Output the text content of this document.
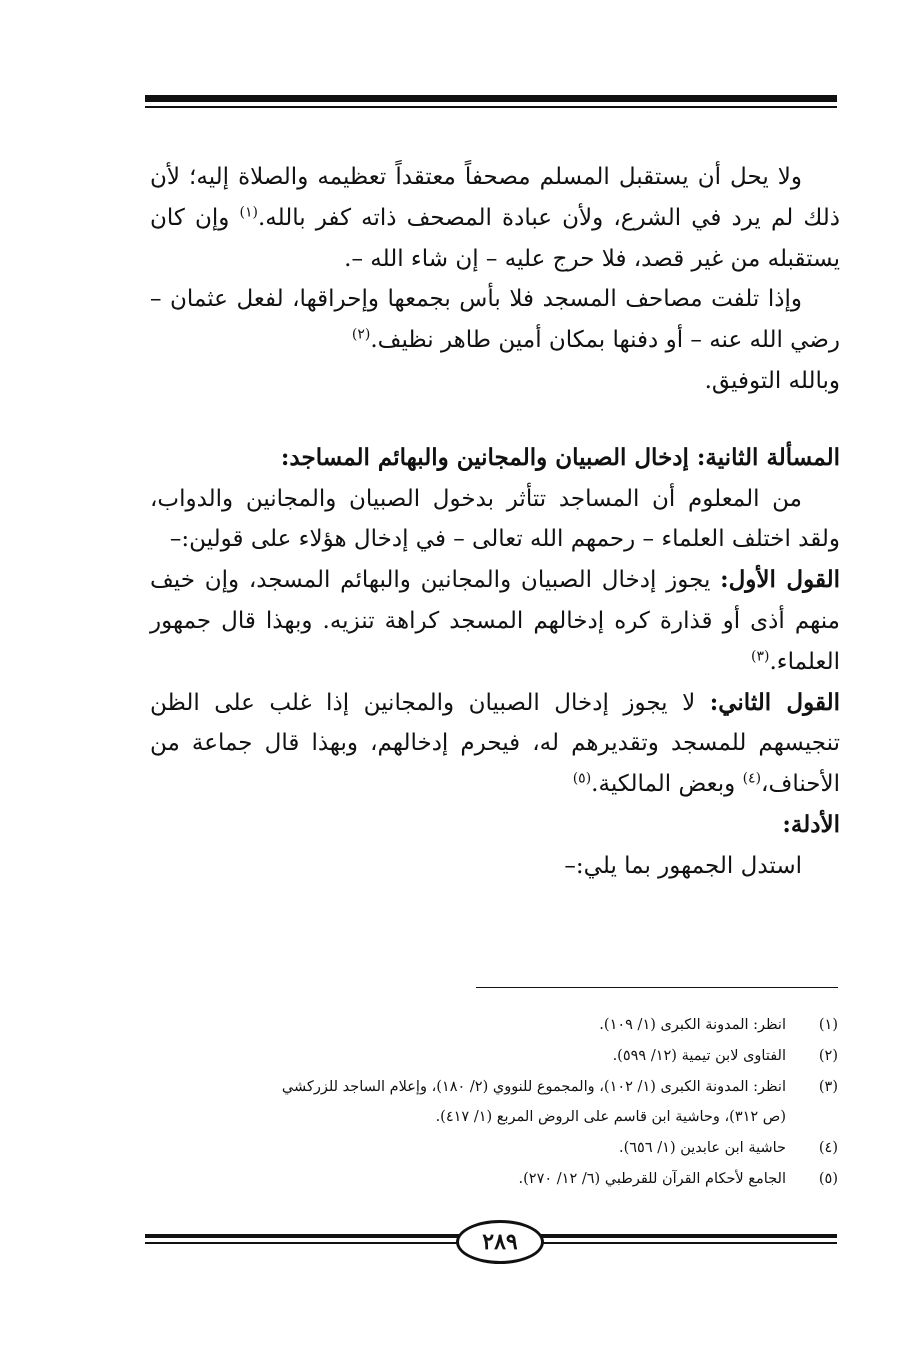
ولا يحل أن يستقبل المسلم مصحفاً معتقداً تعظيمه والصلاة إليه؛ لأن ذلك لم يرد في الشرع، ولأن عبادة المصحف ذاته كفر بالله.$^{(١)}$ وإن كان يستقبله من غير قصد، فلا حرج عليه – إن شاء الله –.

وإذا تلفت مصاحف المسجد فلا بأس بجمعها وإحراقها، لفعل عثمان –رضي الله عنه – أو دفنها بمكان أمين طاهر نظيف.$^{(٢)}$

وبالله التوفيق.

المسألة الثانية: إدخال الصبيان والمجانين والبهائم المساجد:

من المعلوم أن المساجد تتأثر بدخول الصبيان والمجانين والدواب، ولقد اختلف العلماء – رحمهم الله تعالى – في إدخال هؤلاء على قولين:–

القول الأول: يجوز إدخال الصبيان والمجانين والبهائم المسجد، وإن خيف منهم أذى أو قذارة كره إدخالهم المسجد كراهة تنزيه. وبهذا قال جمهور العلماء.$^{(٣)}$

القول الثاني: لا يجوز إدخال الصبيان والمجانين إذا غلب على الظن تنجيسهم للمسجد وتقديرهم له، فيحرم إدخالهم، وبهذا قال جماعة من الأحناف،$^{(٤)}$ وبعض المالكية.$^{(٥)}$

الأدلة:

استدل الجمهور بما يلي:–

(١)
انظر: المدونة الكبرى (١/ ١٠٩).
(٢)
الفتاوى لابن تيمية (١٢/ ٥٩٩).
(٣)
انظر: المدونة الكبرى (١/ ١٠٢)، والمجموع للنووي (٢/ ١٨٠)، وإعلام الساجد للزركشي
(ص ٣١٢)، وحاشية ابن قاسم على الروض المربع (١/ ٤١٧).
(٤)
حاشية ابن عابدين (١/ ٦٥٦).
(٥)
الجامع لأحكام القرآن للقرطبي (٦/ ١٢/ ٢٧٠).
٢٨٩
